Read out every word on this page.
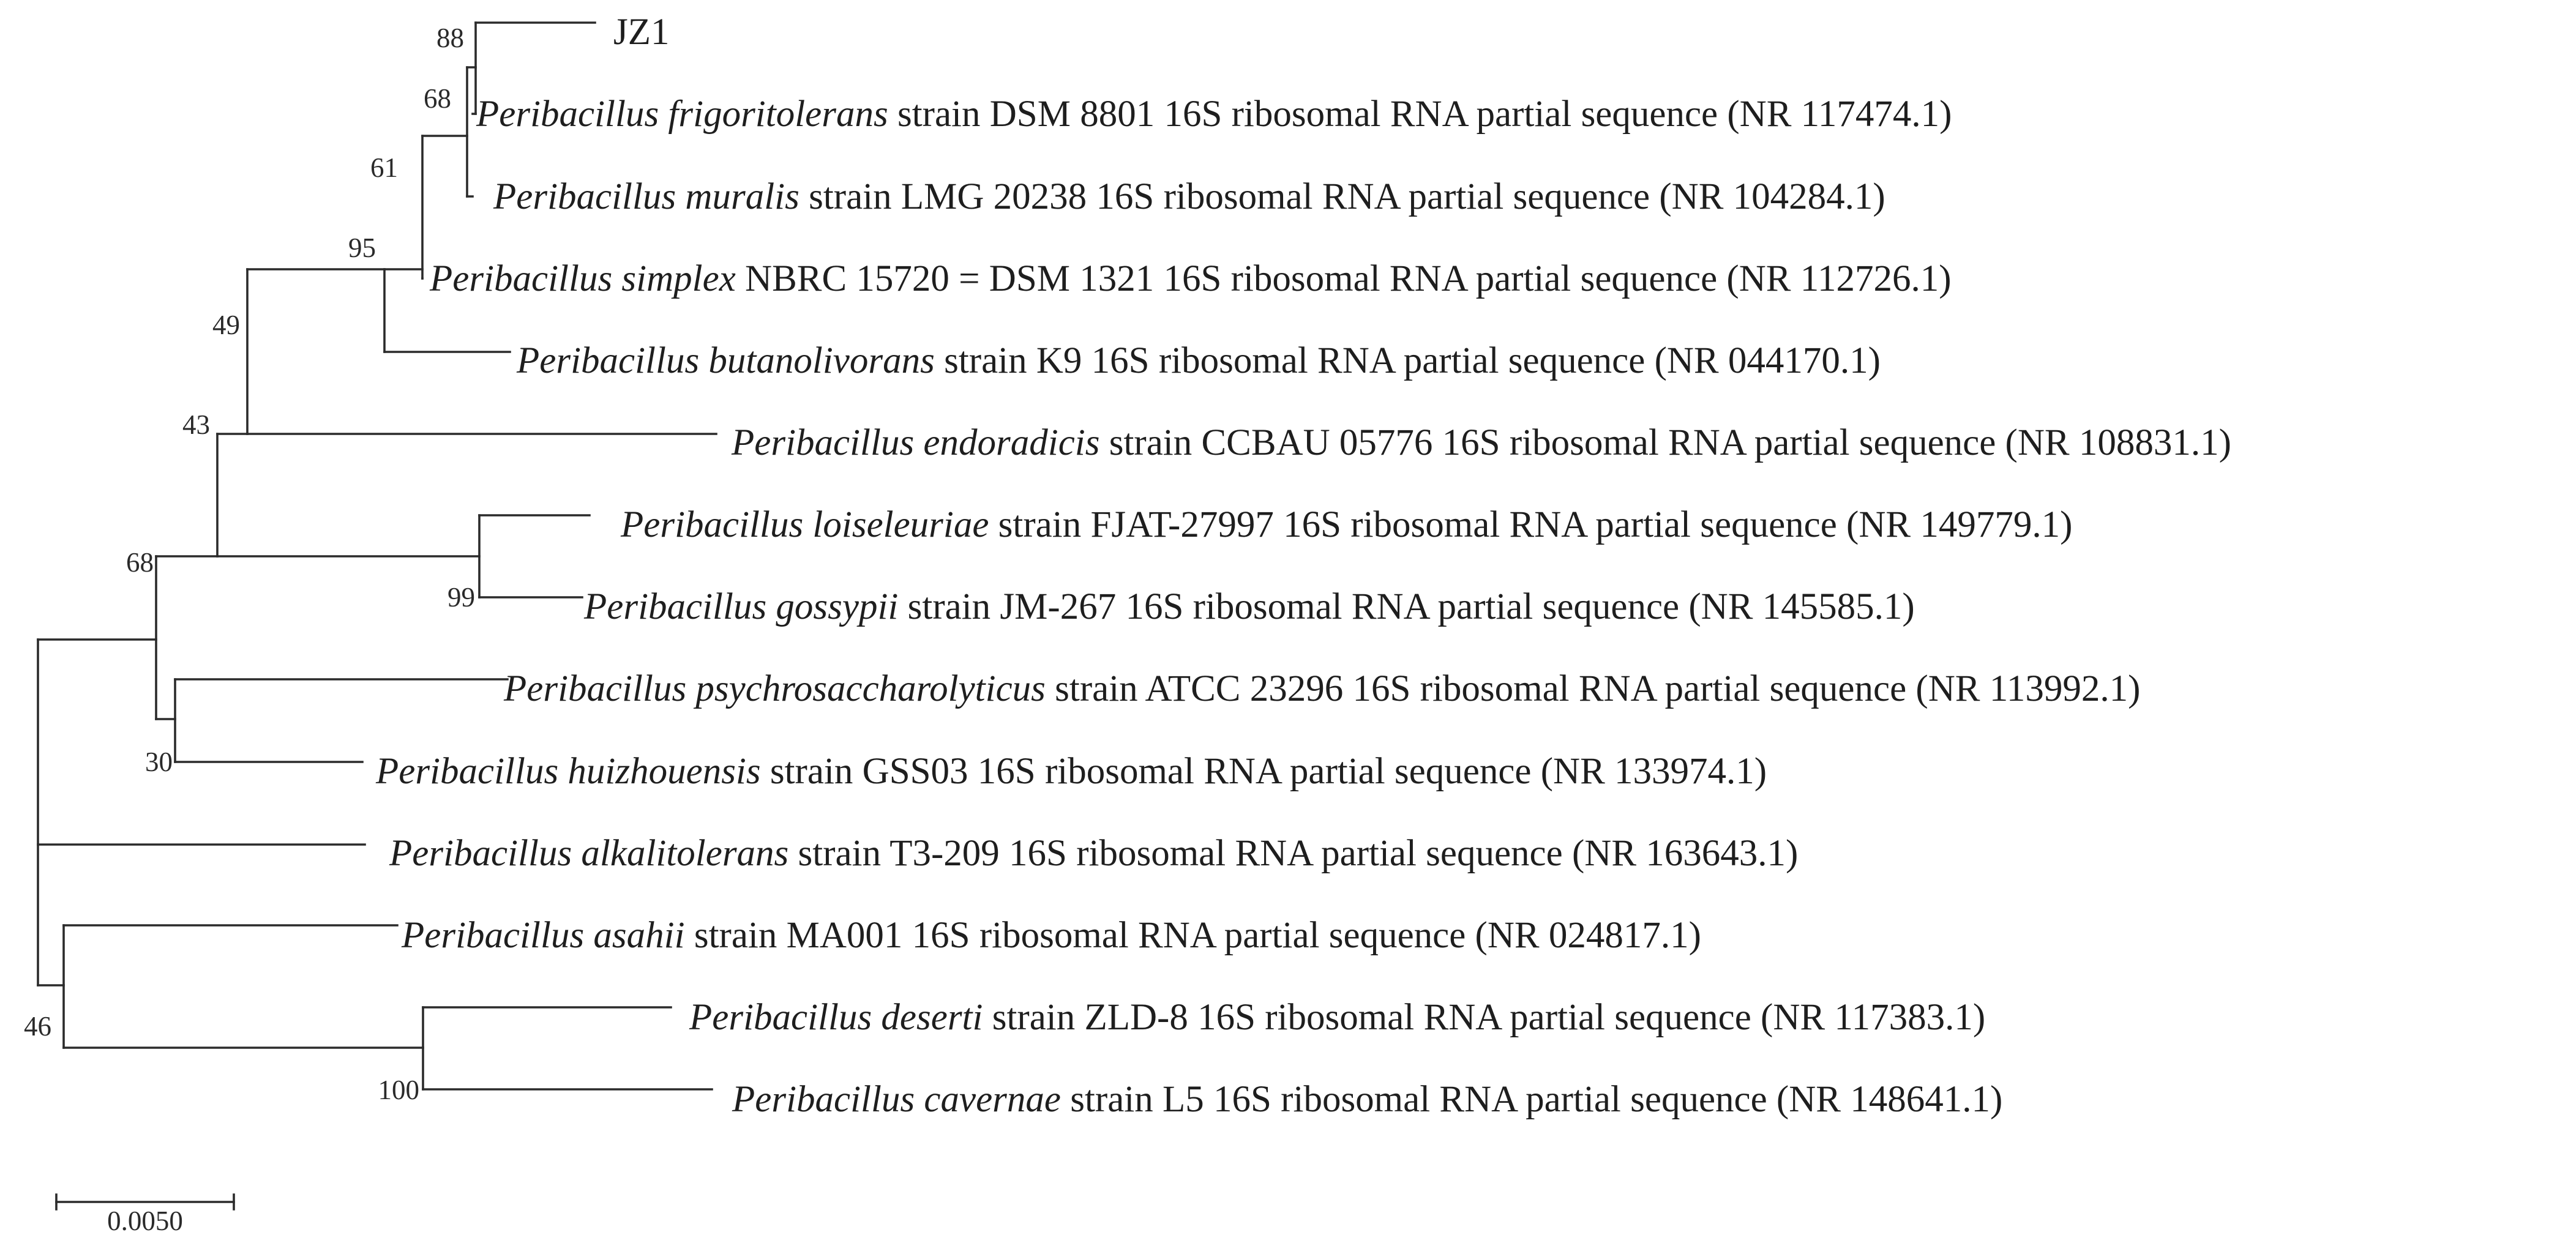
JZ1
Peribacillus frigoritolerans strain DSM 8801 16S ribosomal RNA partial sequence (NR 117474.1)
Peribacillus muralis strain LMG 20238 16S ribosomal RNA partial sequence (NR 104284.1)
Peribacillus simplex NBRC 15720 = DSM 1321 16S ribosomal RNA partial sequence (NR 112726.1)
Peribacillus butanolivorans strain K9 16S ribosomal RNA partial sequence (NR 044170.1)
Peribacillus endoradicis strain CCBAU 05776 16S ribosomal RNA partial sequence (NR 108831.1)
Peribacillus loiseleuriae strain FJAT-27997 16S ribosomal RNA partial sequence (NR 149779.1)
Peribacillus gossypii strain JM-267 16S ribosomal RNA partial sequence (NR 145585.1)
Peribacillus psychrosaccharolyticus strain ATCC 23296 16S ribosomal RNA partial sequence (NR 113992.1)
Peribacillus huizhouensis strain GSS03 16S ribosomal RNA partial sequence (NR 133974.1)
Peribacillus alkalitolerans strain T3-209 16S ribosomal RNA partial sequence (NR 163643.1)
Peribacillus asahii strain MA001 16S ribosomal RNA partial sequence (NR 024817.1)
Peribacillus deserti strain ZLD-8 16S ribosomal RNA partial sequence (NR 117383.1)
Peribacillus cavernae strain L5 16S ribosomal RNA partial sequence (NR 148641.1)
88
68
61
95
49
43
99
68
30
46
100
0.0050
